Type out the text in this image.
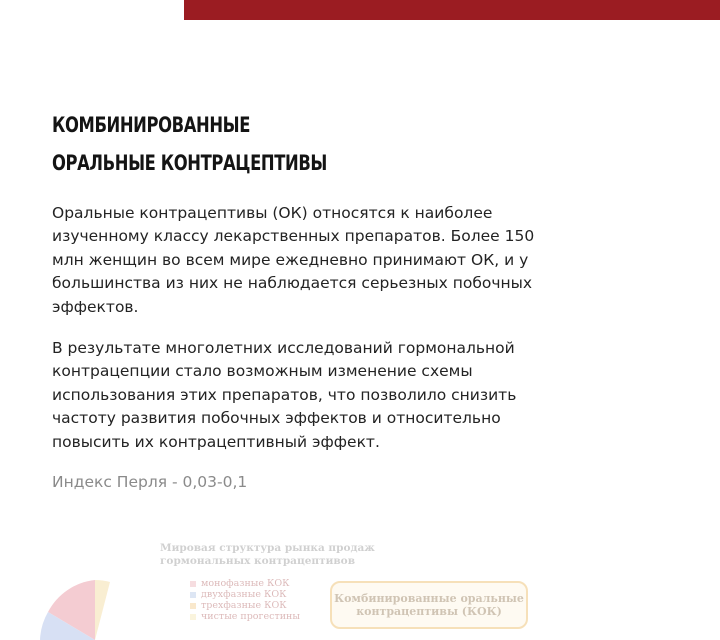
КОМБИНИРОВАННЫЕ
ОРАЛЬНЫЕ КОНТРАЦЕПТИВЫ

Оральные контрацептивы (ОК) относятся к наиболее
изученному классу лекарственных препаратов. Более 150
млн женщин во всем мире ежедневно принимают ОК, и у
большинства из них не наблюдается серьезных побочных
эффектов.

В результате многолетних исследований гормональной
контрацепции стало возможным изменение схемы
использования этих препаратов, что позволило снизить
частоту развития побочных эффектов и относительно
повысить их контрацептивный эффект.

Индекс Перля - 0,03-0,1

Мировая структура рынка продаж
гормональных контрацептивов
монофазные КОК
двухфазные КОК
трехфазные КОК
чистые прогестины
Комбинированные оральные
контрацептивы (КОК)
